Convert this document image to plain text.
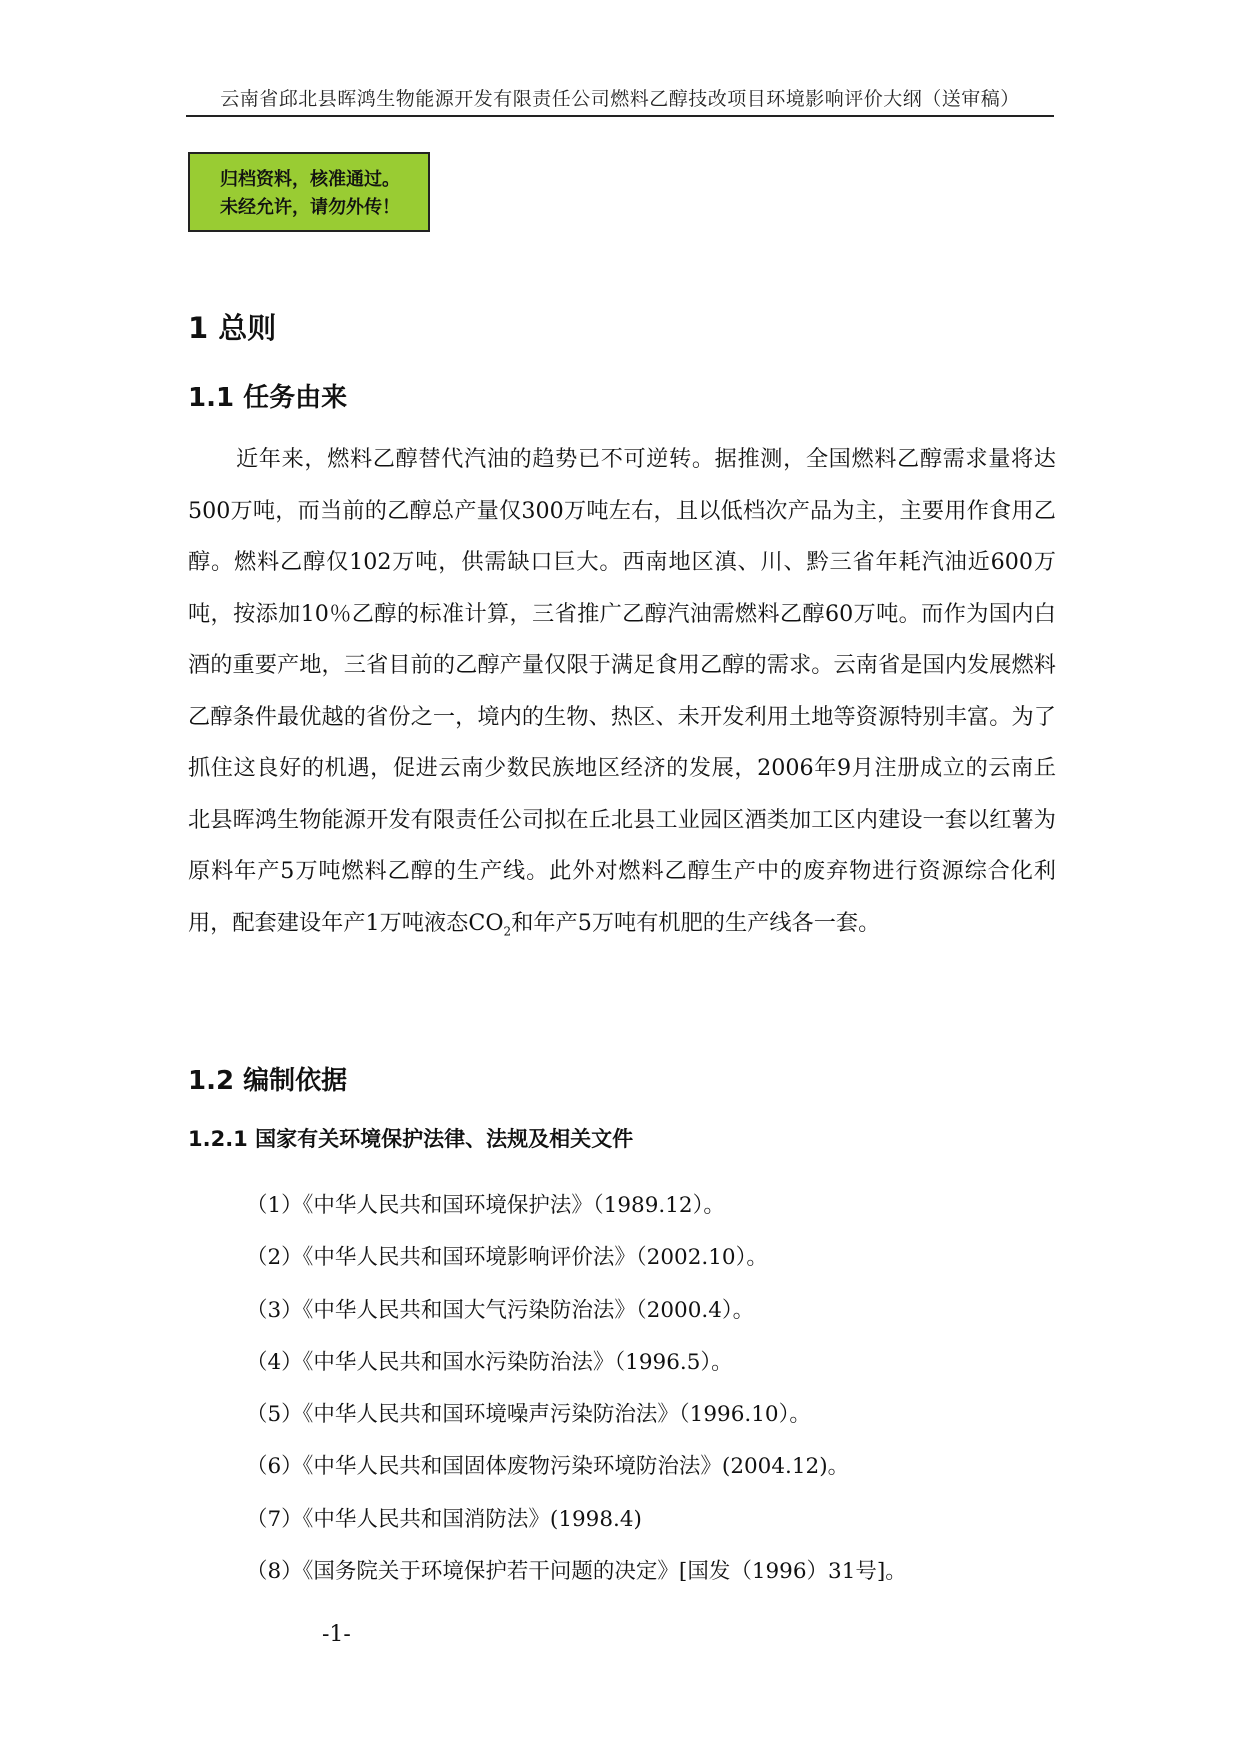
云南省邱北县晖鸿生物能源开发有限责任公司燃料乙醇技改项目环境影响评价大纲（送审稿）
归档资料，核准通过。
未经允许，请勿外传！
1 总则
1.1 任务由来
近年来，燃料乙醇替代汽油的趋势已不可逆转。据推测，全国燃料乙醇需求量将达500万吨，而当前的乙醇总产量仅300万吨左右，且以低档次产品为主，主要用作食用乙醇。燃料乙醇仅102万吨，供需缺口巨大。西南地区滇、川、黔三省年耗汽油近600万吨，按添加10％乙醇的标准计算，三省推广乙醇汽油需燃料乙醇60万吨。而作为国内白酒的重要产地，三省目前的乙醇产量仅限于满足食用乙醇的需求。云南省是国内发展燃料乙醇条件最优越的省份之一，境内的生物、热区、未开发利用土地等资源特别丰富。为了抓住这良好的机遇，促进云南少数民族地区经济的发展，2006年9月注册成立的云南丘北县晖鸿生物能源开发有限责任公司拟在丘北县工业园区酒类加工区内建设一套以红薯为原料年产5万吨燃料乙醇的生产线。此外对燃料乙醇生产中的废弃物进行资源综合化利用，配套建设年产1万吨液态$CO_2$和年产5万吨有机肥的生产线各一套。
1.2 编制依据
1.2.1 国家有关环境保护法律、法规及相关文件
（1）《中华人民共和国环境保护法》（1989.12）。
（2）《中华人民共和国环境影响评价法》（2002.10）。
（3）《中华人民共和国大气污染防治法》（2000.4）。
（4）《中华人民共和国水污染防治法》（1996.5）。
（5）《中华人民共和国环境噪声污染防治法》（1996.10）。
（6）《中华人民共和国固体废物污染环境防治法》(2004.12)。
（7）《中华人民共和国消防法》(1998.4)
（8）《国务院关于环境保护若干问题的决定》[国发（1996）31号]。
-1-
